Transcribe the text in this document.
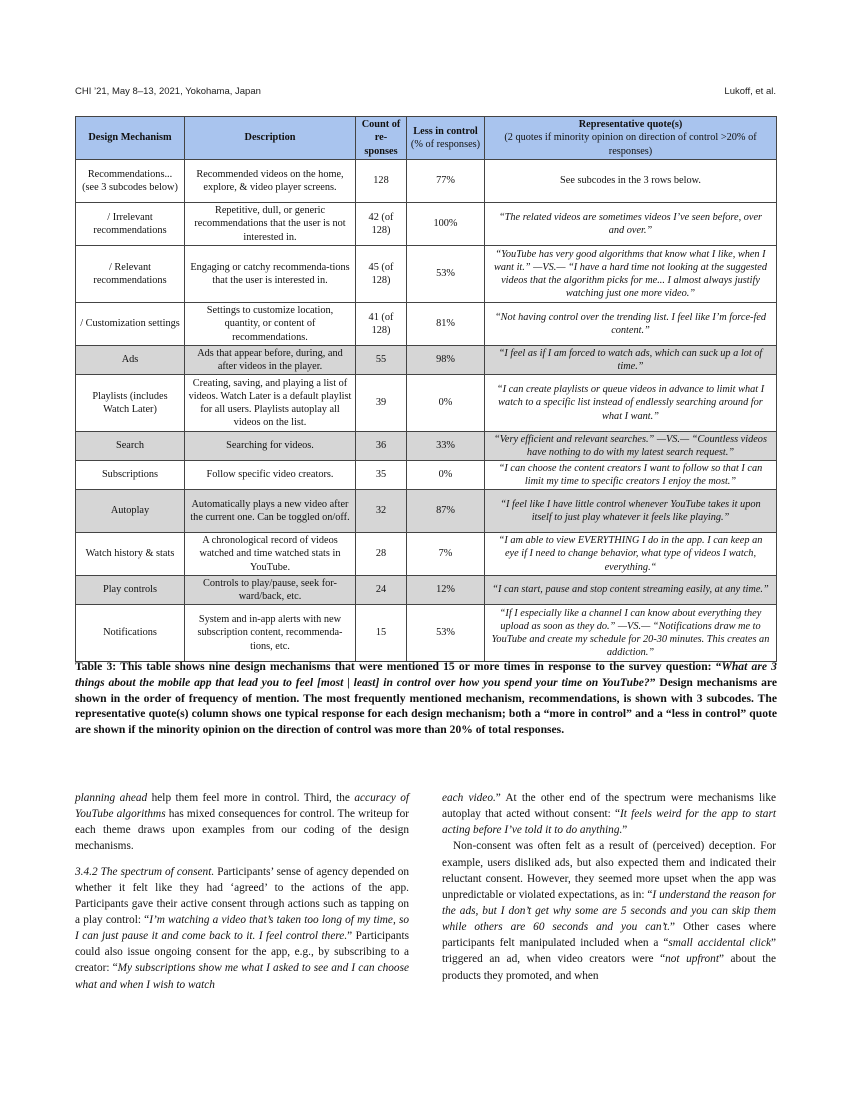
CHI ’21, May 8–13, 2021, Yokohama, Japan	Lukoff, et al.
Design Mechanism	Description	Count of re-sponses	Less in control (% of responses)	Representative quote(s)
(2 quotes if minority opinion on direction of control >20% of responses)
Recommendations... (see 3 subcodes below)	Recommended videos on the home, explore, & video player screens.	128	77%	See subcodes in the 3 rows below.
/ Irrelevant recommendations	Repetitive, dull, or generic recommendations that the user is not interested in.	42 (of 128)	100%	“The related videos are sometimes videos I’ve seen before, over and over.”
/ Relevant recommendations	Engaging or catchy recommenda-tions that the user is interested in.	45 (of 128)	53%	“YouTube has very good algorithms that know what I like, when I want it.” —VS.— “I have a hard time not looking at the suggested videos that the algorithm picks for me... I almost always justify watching just one more video.”
/ Customization settings	Settings to customize location, quantity, or content of recommendations.	41 (of 128)	81%	“Not having control over the trending list. I feel like I’m force-fed content.”
Ads	Ads that appear before, during, and after videos in the player.	55	98%	“I feel as if I am forced to watch ads, which can suck up a lot of time.”
Playlists (includes Watch Later)	Creating, saving, and playing a list of videos. Watch Later is a default playlist for all users. Playlists autoplay all videos on the list.	39	0%	“I can create playlists or queue videos in advance to limit what I watch to a specific list instead of endlessly searching around for what I want.”
Search	Searching for videos.	36	33%	“Very efficient and relevant searches.” —VS.— “Countless videos have nothing to do with my latest search request.”
Subscriptions	Follow specific video creators.	35	0%	“I can choose the content creators I want to follow so that I can limit my time to specific creators I enjoy the most.”
Autoplay	Automatically plays a new video after the current one. Can be toggled on/off.	32	87%	“I feel like I have little control whenever YouTube takes it upon itself to just play whatever it feels like playing.”
Watch history & stats	A chronological record of videos watched and time watched stats in YouTube.	28	7%	“I am able to view EVERYTHING I do in the app. I can keep an eye if I need to change behavior, what type of videos I watch, everything.“
Play controls	Controls to play/pause, seek for-ward/back, etc.	24	12%	“I can start, pause and stop content streaming easily, at any time.”
Notifications	System and in-app alerts with new subscription content, recommenda-tions, etc.	15	53%	“If I especially like a channel I can know about everything they upload as soon as they do.” —VS.— “Notifications draw me to YouTube and create my schedule for 20-30 minutes. This creates an addiction.”
Table 3: This table shows nine design mechanisms that were mentioned 15 or more times in response to the survey question: “What are 3 things about the mobile app that lead you to feel [most | least] in control over how you spend your time on YouTube?” Design mechanisms are shown in the order of frequency of mention. The most frequently mentioned mechanism, recommendations, is shown with 3 subcodes. The representative quote(s) column shows one typical response for each design mechanism; both a “more in control” and a “less in control” quote are shown if the minority opinion on the direction of control was more than 20% of total responses.

planning ahead help them feel more in control. Third, the accuracy of YouTube algorithms has mixed consequences for control. The writeup for each theme draws upon examples from our coding of the design mechanisms.

3.4.2 The spectrum of consent. Participants’ sense of agency depended on whether it felt like they had ‘agreed’ to the actions of the app. Participants gave their active consent through actions such as tapping on a play control: “I’m watching a video that’s taken too long of my time, so I can just pause it and come back to it. I feel control there.” Participants could also issue ongoing consent for the app, e.g., by subscribing to a creator: “My subscriptions show me what I asked to see and I can choose what and when I wish to watch

each video.” At the other end of the spectrum were mechanisms like autoplay that acted without consent: “It feels weird for the app to start acting before I’ve told it to do anything.”

Non-consent was often felt as a result of (perceived) deception. For example, users disliked ads, but also expected them and indicated their reluctant consent. However, they seemed more upset when the app was unpredictable or violated expectations, as in: “I understand the reason for the ads, but I don’t get why some are 5 seconds and you can skip them while others are 60 seconds and you can’t.” Other cases where participants felt manipulated included when a “small accidental click” triggered an ad, when video creators were “not upfront” about the products they promoted, and when
